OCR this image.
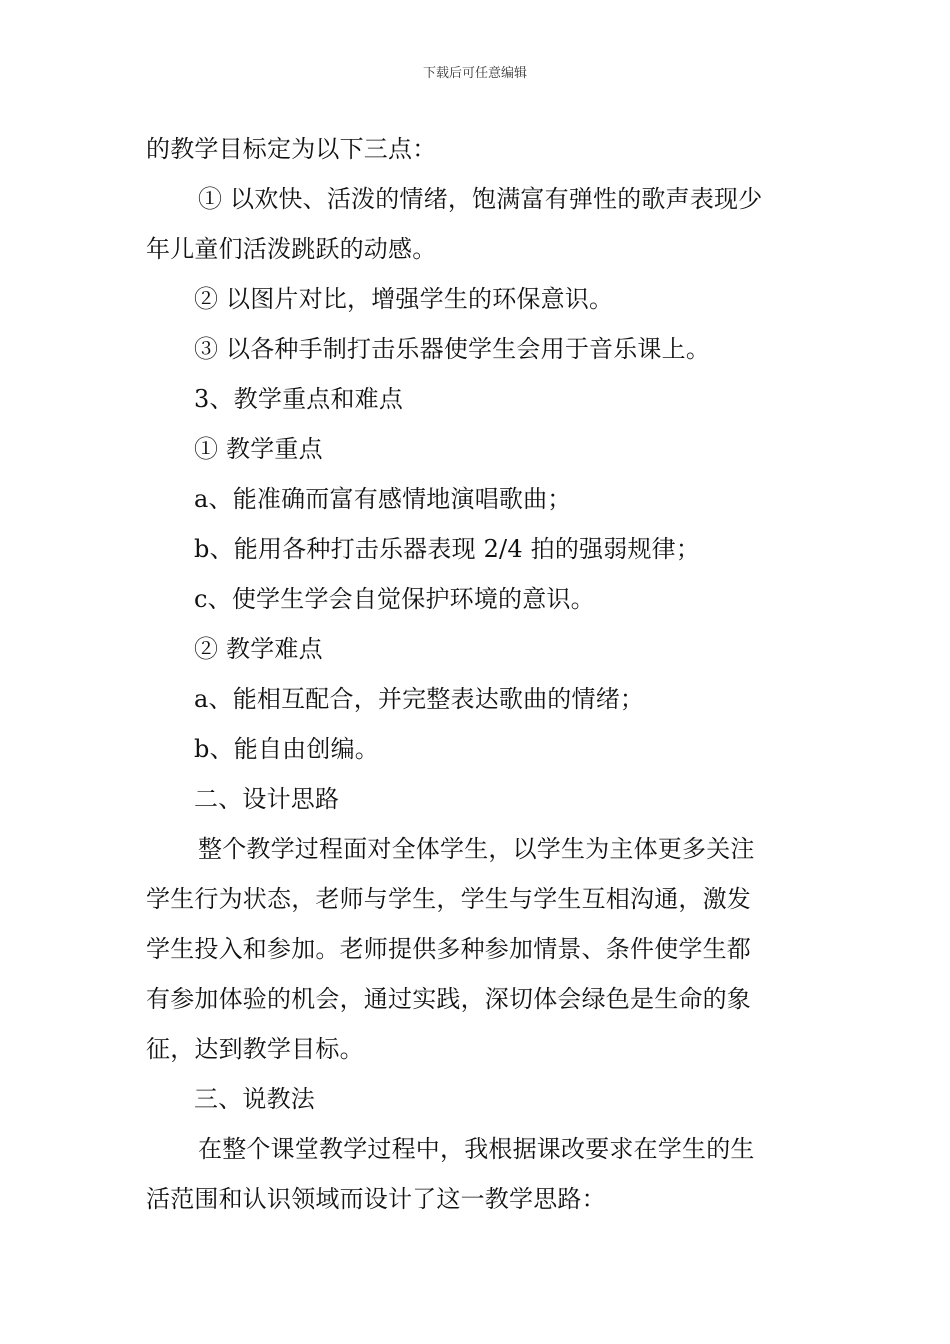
下载后可任意编辑
的教学目标定为以下三点：
① 以欢快、活泼的情绪，饱满富有弹性的歌声表现少
年儿童们活泼跳跃的动感。
② 以图片对比，增强学生的环保意识。
③ 以各种手制打击乐器使学生会用于音乐课上。
3、教学重点和难点
① 教学重点
a、能准确而富有感情地演唱歌曲；
b、能用各种打击乐器表现 2/4 拍的强弱规律；
c、使学生学会自觉保护环境的意识。
② 教学难点
a、能相互配合，并完整表达歌曲的情绪；
b、能自由创编。
二、设计思路
整个教学过程面对全体学生，以学生为主体更多关注
学生行为状态，老师与学生，学生与学生互相沟通，激发
学生投入和参加。老师提供多种参加情景、条件使学生都
有参加体验的机会，通过实践，深切体会绿色是生命的象
征，达到教学目标。
三、说教法
在整个课堂教学过程中，我根据课改要求在学生的生
活范围和认识领域而设计了这一教学思路：
